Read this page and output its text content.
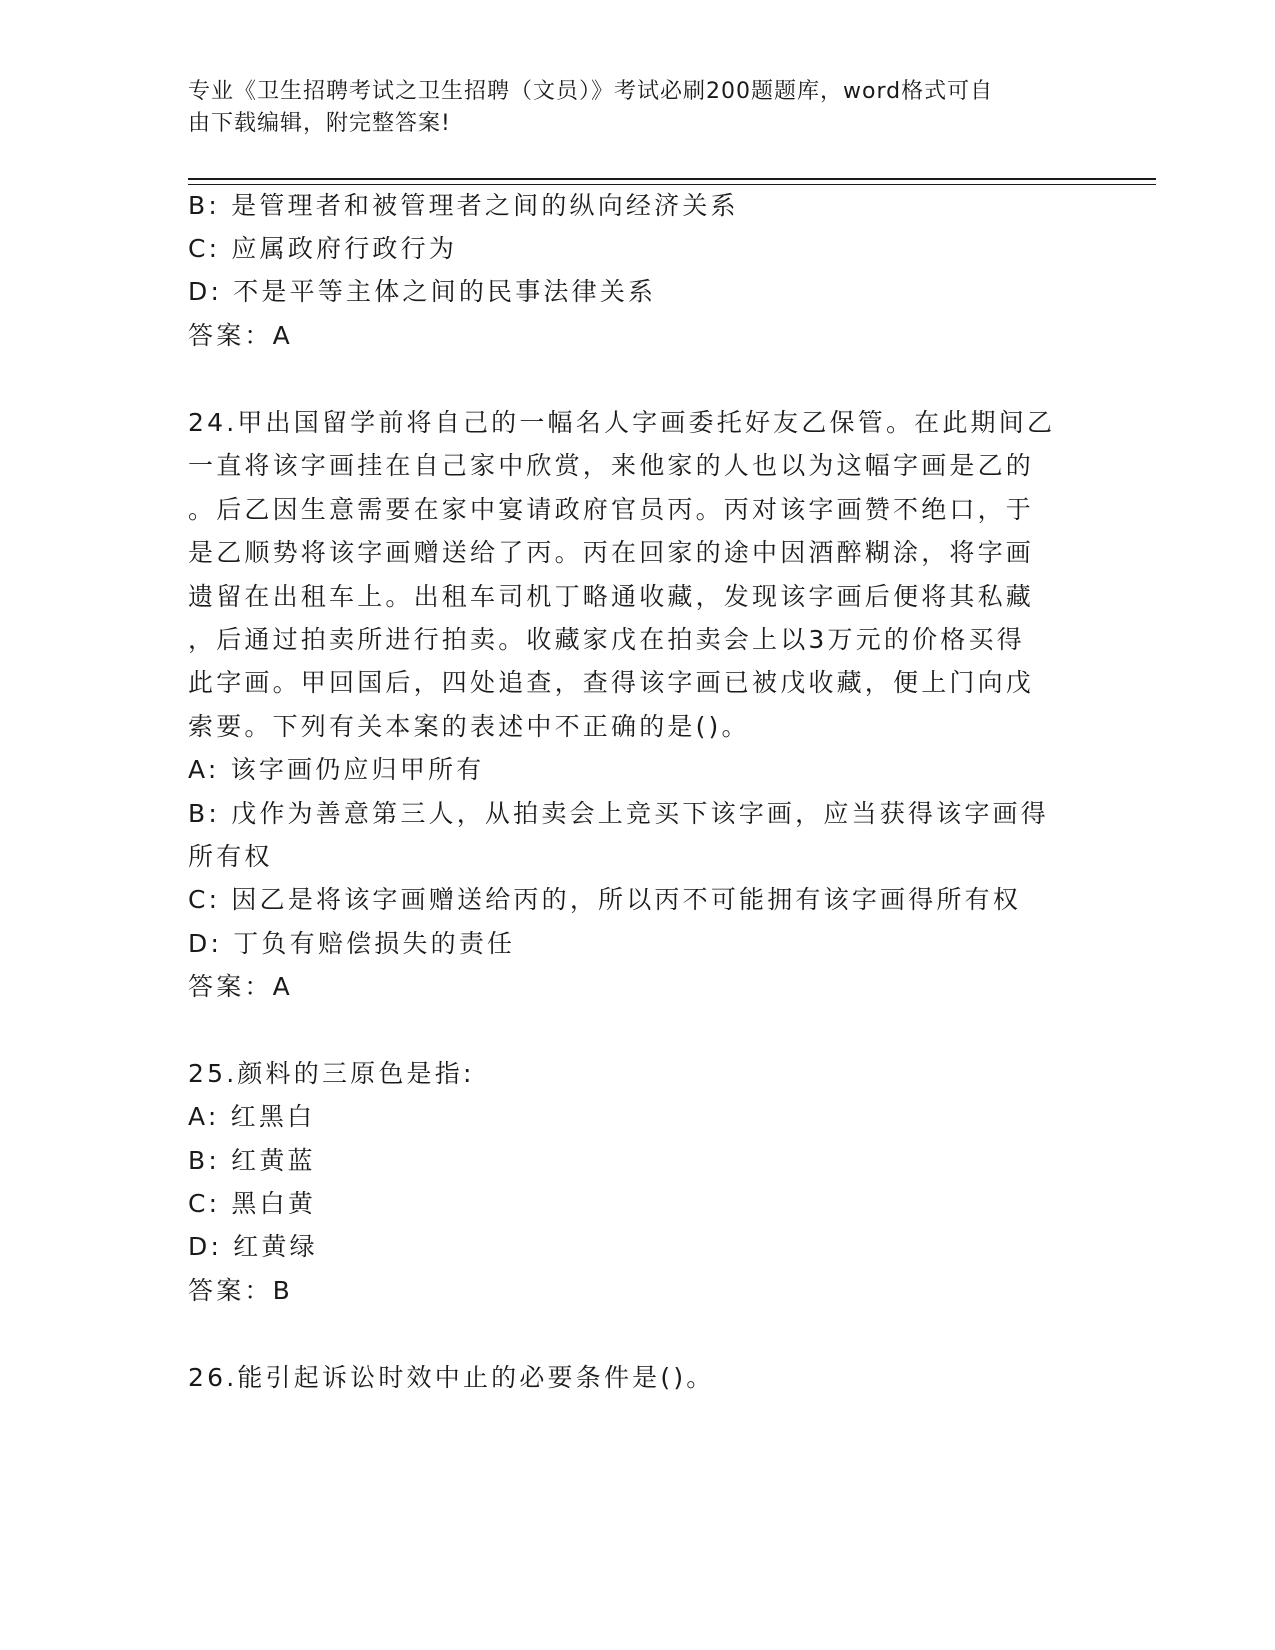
专业《卫生招聘考试之卫生招聘（文员）》考试必刷200题题库，word格式可自
由下载编辑，附完整答案!
B: 是管理者和被管理者之间的纵向经济关系
C: 应属政府行政行为
D: 不是平等主体之间的民事法律关系
答案：A
24.甲出国留学前将自己的一幅名人字画委托好友乙保管。在此期间乙
一直将该字画挂在自己家中欣赏，来他家的人也以为这幅字画是乙的
。后乙因生意需要在家中宴请政府官员丙。丙对该字画赞不绝口，于
是乙顺势将该字画赠送给了丙。丙在回家的途中因酒醉糊涂，将字画
遗留在出租车上。出租车司机丁略通收藏，发现该字画后便将其私藏
，后通过拍卖所进行拍卖。收藏家戊在拍卖会上以3万元的价格买得
此字画。甲回国后，四处追查，查得该字画已被戊收藏，便上门向戊
索要。下列有关本案的表述中不正确的是()。
A: 该字画仍应归甲所有
B: 戊作为善意第三人，从拍卖会上竞买下该字画，应当获得该字画得
所有权
C: 因乙是将该字画赠送给丙的，所以丙不可能拥有该字画得所有权
D: 丁负有赔偿损失的责任
答案：A
25.颜料的三原色是指:
A: 红黑白
B: 红黄蓝
C: 黑白黄
D: 红黄绿
答案：B
26.能引起诉讼时效中止的必要条件是()。
